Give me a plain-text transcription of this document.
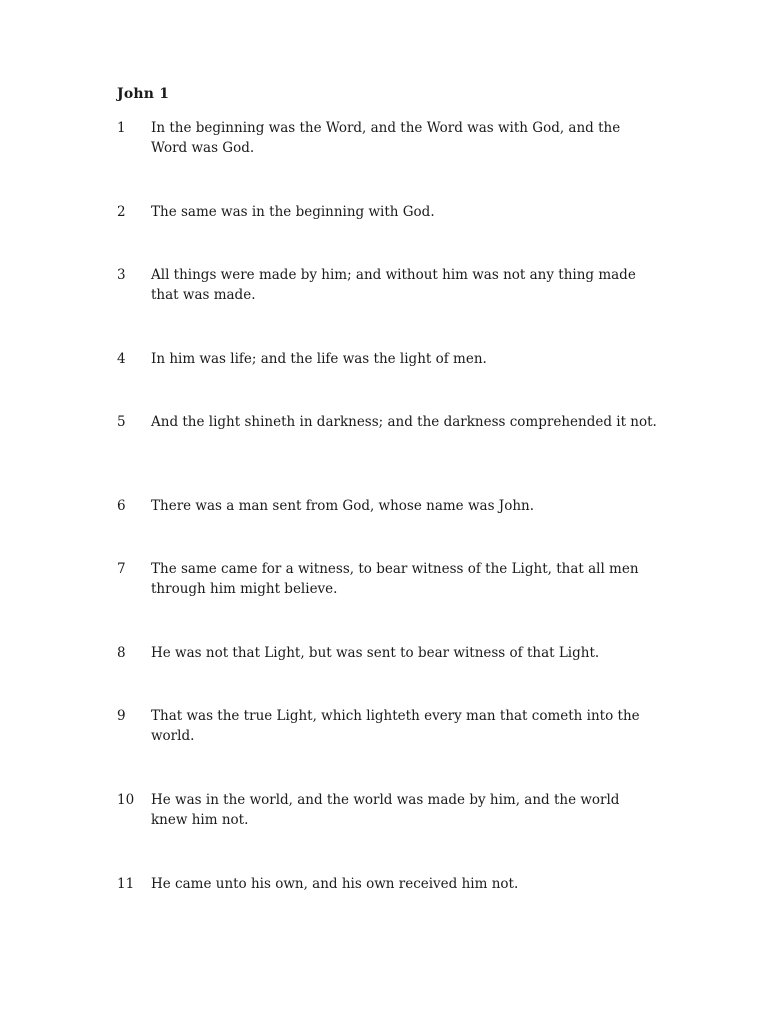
John 1
1	In the beginning was the Word, and the Word was with God, and the Word was God.
2	The same was in the beginning with God.
3	All things were made by him; and without him was not any thing made that was made.
4	In him was life; and the life was the light of men.
5	And the light shineth in darkness; and the darkness comprehended it not.
6	There was a man sent from God, whose name was John.
7	The same came for a witness, to bear witness of the Light, that all men through him might believe.
8	He was not that Light, but was sent to bear witness of that Light.
9	That was the true Light, which lighteth every man that cometh into the world.
10	He was in the world, and the world was made by him, and the world knew him not.
11	He came unto his own, and his own received him not.
